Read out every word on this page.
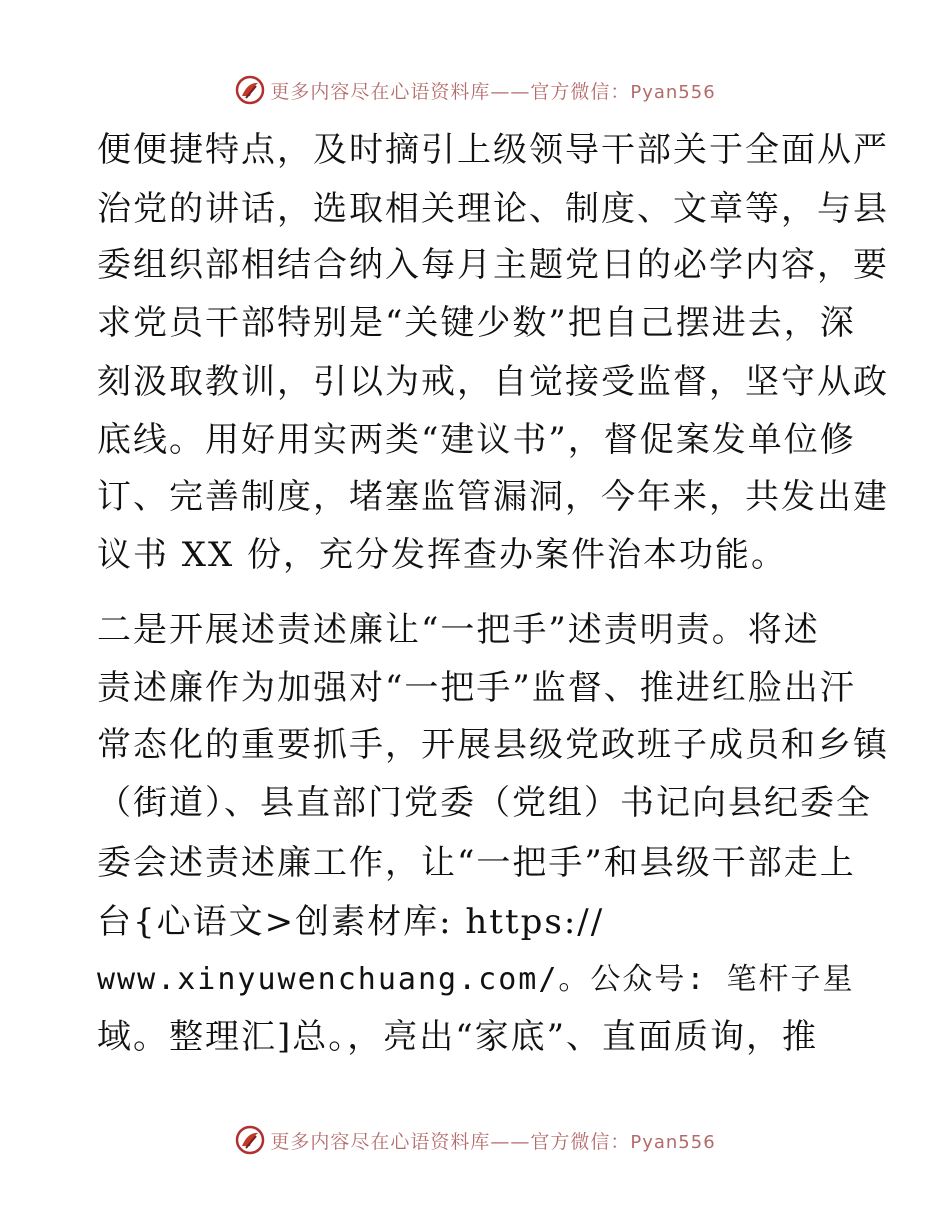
更多内容尽在心语资料库——官方微信：Pyan556
便便捷特点，及时摘引上级领导干部关于全面从严
治党的讲话，选取相关理论、制度、文章等，与县
委组织部相结合纳入每月主题党日的必学内容，要
求党员干部特别是“关键少数”把自己摆进去，深
刻汲取教训，引以为戒，自觉接受监督，坚守从政
底线。用好用实两类“建议书”，督促案发单位修
订、完善制度，堵塞监管漏洞，今年来，共发出建
议书 XX 份，充分发挥查办案件治本功能。
二是开展述责述廉让“一把手”述责明责。将述
责述廉作为加强对“一把手”监督、推进红脸出汗
常态化的重要抓手，开展县级党政班子成员和乡镇
（街道）、县直部门党委（党组）书记向县纪委全
委会述责述廉工作，让“一把手”和县级干部走上
台{心语文>创素材库: https://
www.xinyuwenchuang.com/。公众号: 笔杆子星
域。整理汇]总。，亮出“家底”、直面质询，推
更多内容尽在心语资料库——官方微信：Pyan556
